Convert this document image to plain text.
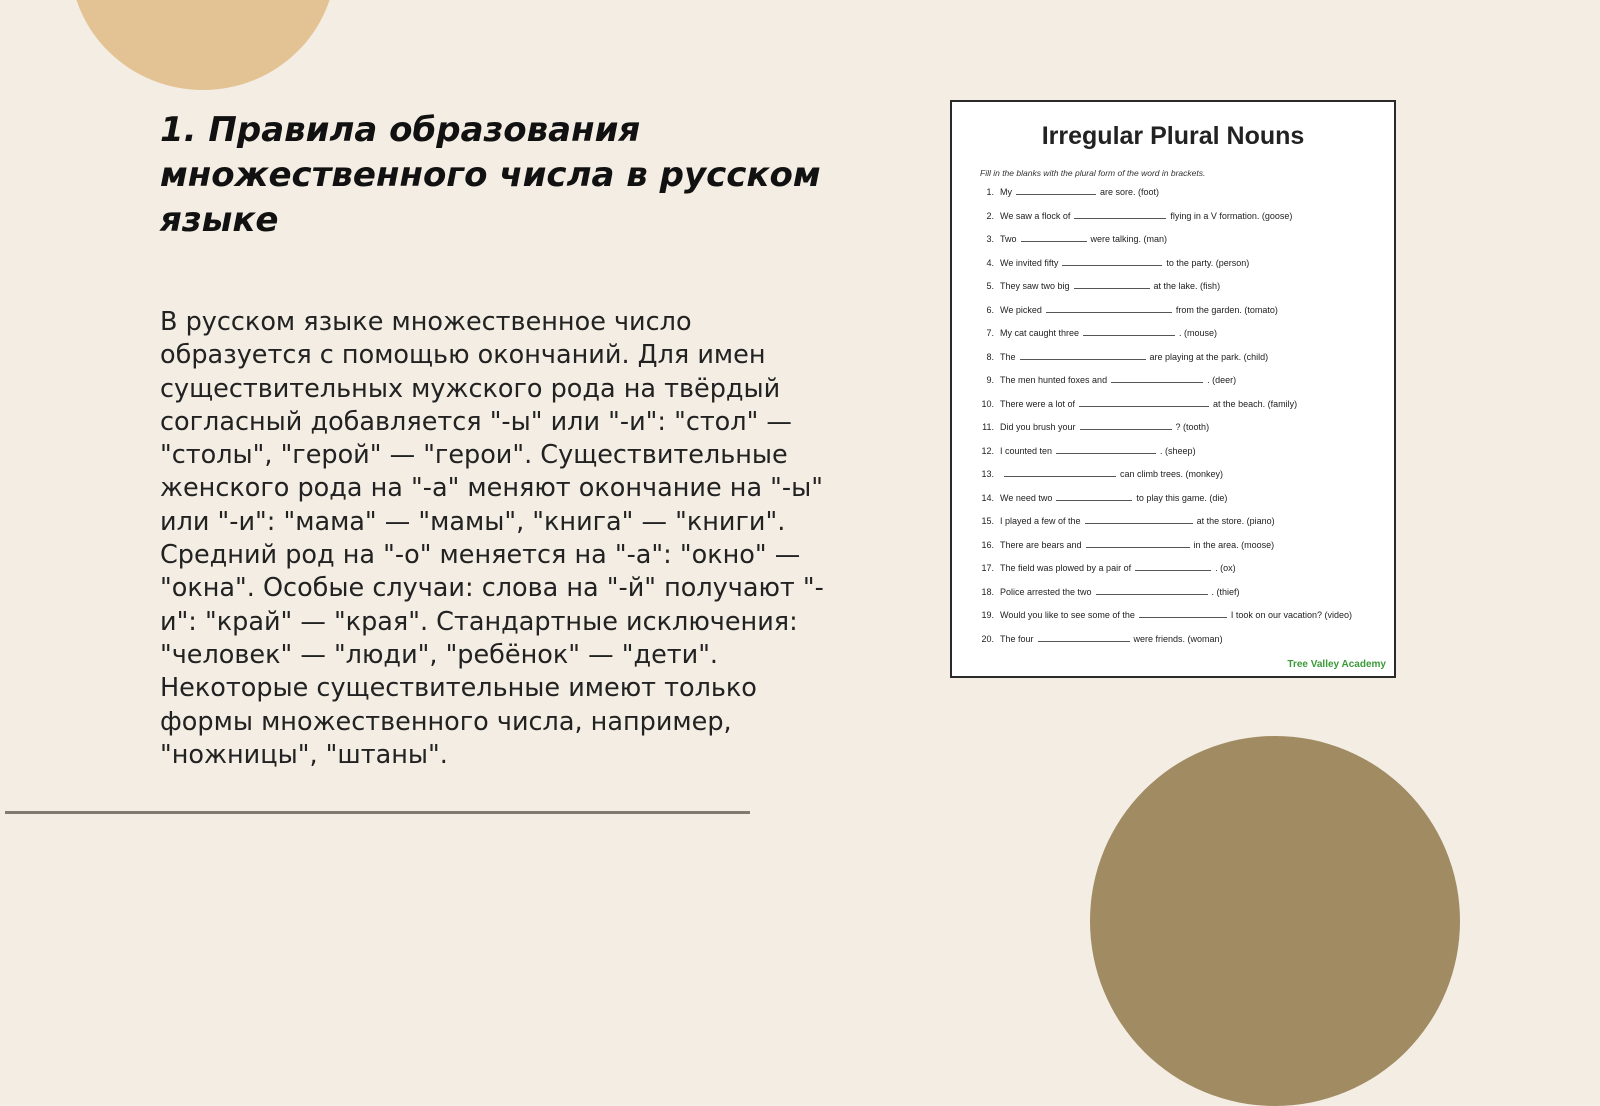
1. Правила образования множественного числа в русском языке

В русском языке множественное число образуется с помощью окончаний. Для имен существительных мужского рода на твёрдый согласный добавляется "-ы" или "-и": "стол" — "столы", "герой" — "герои". Существительные женского рода на "-а" меняют окончание на "-ы" или "-и": "мама" — "мамы", "книга" — "книги". Средний род на "-о" меняется на "-а": "окно" — "окна". Особые случаи: слова на "-й" получают "-и": "край" — "края". Стандартные исключения: "человек" — "люди", "ребёнок" — "дети". Некоторые существительные имеют только формы множественного числа, например, "ножницы", "штаны".

Irregular Plural Nouns
Fill in the blanks with the plural form of the word in brackets.
1. My	are sore. (foot)
2. We saw a flock of	flying in a V formation. (goose)
3. Two	were talking. (man)
4. We invited fifty	to the party. (person)
5. They saw two big	at the lake. (fish)
6. We picked	from the garden. (tomato)
7. My cat caught three	. (mouse)
8. The	are playing at the park. (child)
9. The men hunted foxes and	. (deer)
10. There were a lot of	at the beach. (family)
11. Did you brush your	? (tooth)
12. I counted ten	. (sheep)
13.	can climb trees. (monkey)
14. We need two	to play this game. (die)
15. I played a few of the	at the store. (piano)
16. There are bears and	in the area. (moose)
17. The field was plowed by a pair of	. (ox)
18. Police arrested the two	. (thief)
19. Would you like to see some of the	I took on our vacation? (video)
20. The four	were friends. (woman)
Tree Valley Academy
